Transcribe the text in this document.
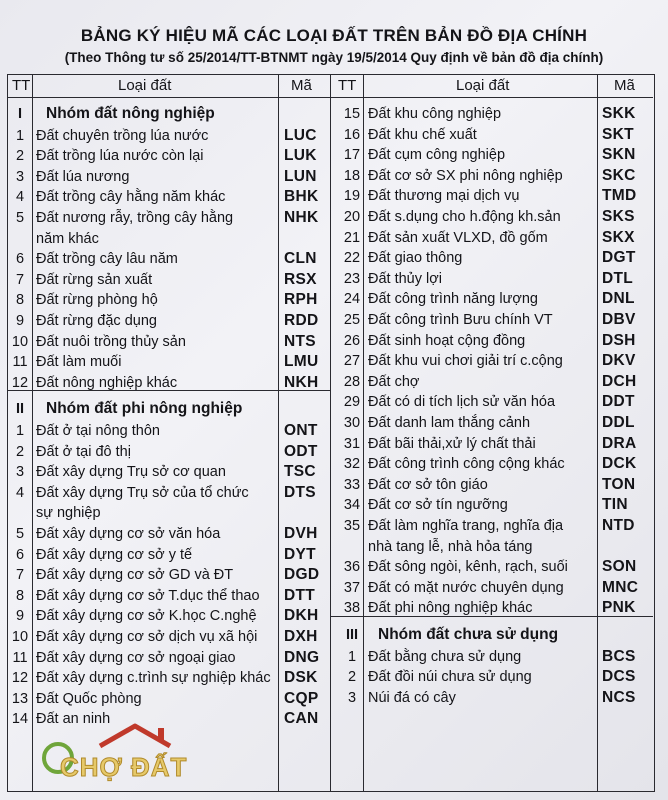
BẢNG KÝ HIỆU MÃ CÁC LOẠI ĐẤT TRÊN BẢN ĐỒ ĐỊA CHÍNH
(Theo Thông tư số 25/2014/TT-BTNMT ngày 19/5/2014 Quy định về bản đồ địa chính)
TT	Loại đất	Mã TT	Loại đất	Mã
I	Nhóm đất nông nghiệp
1 Đất chuyên trồng lúa nước	LUC
2 Đất trồng lúa nước còn lại	LUK
3 Đất lúa nương	LUN
4 Đất trồng cây hằng năm khác	BHK
5 Đất nương rẫy, trồng cây hằng	NHK
năm khác
6 Đất trồng cây lâu năm	CLN
7 Đất rừng sản xuất	RSX
8 Đất rừng phòng hộ	RPH
9 Đất rừng đặc dụng	RDD
10 Đất nuôi trồng thủy sản	NTS
11 Đất làm muối	LMU
12 Đất nông nghiệp khác	NKH
II	Nhóm đất phi nông nghiệp
1 Đất ở tại nông thôn	ONT
2 Đất ở tại đô thị	ODT
3 Đất xây dựng Trụ sở cơ quan	TSC
4 Đất xây dựng Trụ sở của tổ chức DTS
sự nghiệp
5 Đất xây dựng cơ sở văn hóa	DVH
6 Đất xây dựng cơ sở y tế	DYT
7 Đất xây dựng cơ sở GD và ĐT	DGD
8 Đất xây dựng cơ sở T.dục thể thao DTT
9 Đất xây dựng cơ sở K.học C.nghệ DKH
10 Đất xây dựng cơ sở dịch vụ xã hội DXH
11 Đất xây dựng cơ sở ngoại giao	DNG
12 Đất xây dựng c.trình sự nghiệp khác DSK
13 Đất Quốc phòng	CQP
14 Đất an ninh	CAN
15 Đất khu công nghiệp	SKK
16 Đất khu chế xuất	SKT
17 Đất cụm công nghiệp	SKN
18 Đất cơ sở SX phi nông nghiệp	SKC
19 Đất thương mại dịch vụ	TMD
20 Đất s.dụng cho h.động kh.sản	SKS
21 Đất sản xuất VLXD, đồ gốm	SKX
22 Đất giao thông	DGT
23 Đất thủy lợi	DTL
24 Đất công trình năng lượng	DNL
25 Đất công trình Bưu chính VT	DBV
26 Đất sinh hoạt cộng đồng	DSH
27 Đất khu vui chơi giải trí c.cộng	DKV
28 Đất chợ	DCH
29 Đất có di tích lịch sử văn hóa	DDT
30 Đất danh lam thắng cảnh	DDL
31 Đất bãi thải,xử lý chất thải	DRA
32 Đất công trình công cộng khác DCK
33 Đất cơ sở tôn giáo	TON
34 Đất cơ sở tín ngưỡng	TIN
35 Đất làm nghĩa trang, nghĩa địa	NTD
nhà tang lễ, nhà hỏa táng
36 Đất sông ngòi, kênh, rạch, suối SON
37 Đất có mặt nước chuyên dụng MNC
38 Đất phi nông nghiệp khác	PNK
III	Nhóm đất chưa sử dụng
1 Đất bằng chưa sử dụng	BCS
2 Đất đồi núi chưa sử dụng	DCS
3 Núi đá có cây	NCS
CHỢ ĐẤT
